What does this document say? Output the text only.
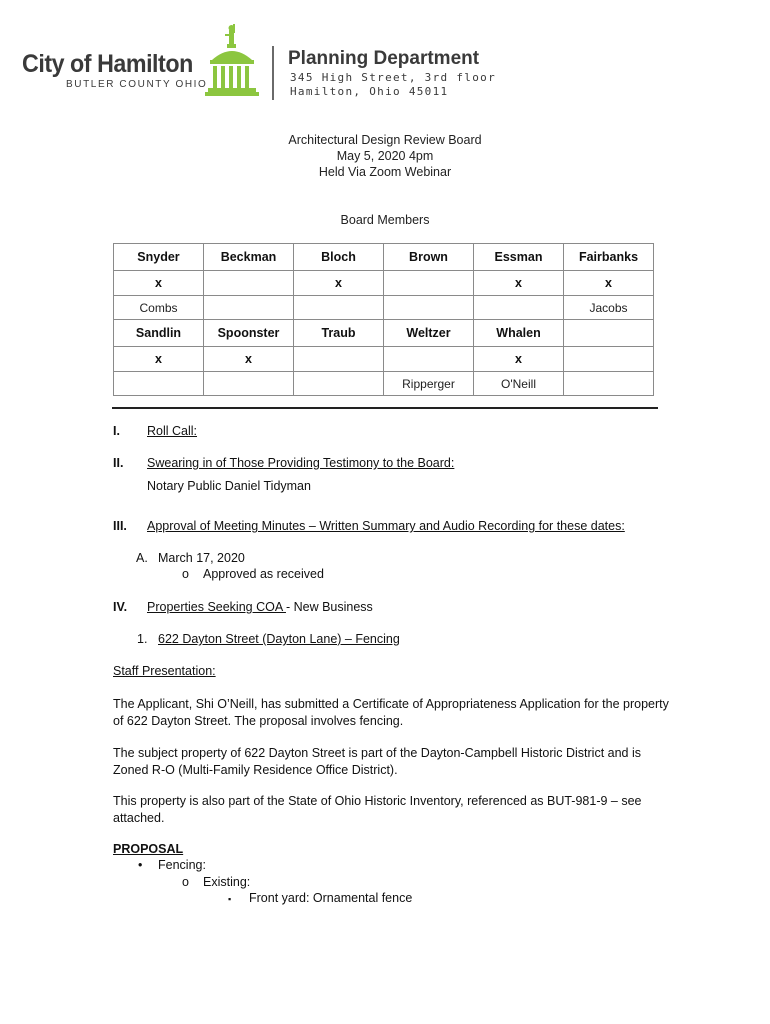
City of Hamilton
BUTLER COUNTY OHIO
Planning Department
345 High Street, 3rd floor
Hamilton, Ohio 45011
Architectural Design Review Board
May 5, 2020 4pm
Held Via Zoom Webinar
Board Members
Snyder	Beckman	Bloch	Brown	Essman	Fairbanks
x		x		x	x
Combs					Jacobs
Sandlin	Spoonster	Traub	Weltzer	Whalen	
x	x			x	
			Ripperger	O'Neill	
I. Roll Call:
II. Swearing in of Those Providing Testimony to the Board:
Notary Public Daniel Tidyman
III. Approval of Meeting Minutes – Written Summary and Audio Recording for these dates:
A. March 17, 2020
o Approved as received
IV. Properties Seeking COA - New Business
1. 622 Dayton Street (Dayton Lane) – Fencing
Staff Presentation:
The Applicant, Shi O’Neill, has submitted a Certificate of Appropriateness Application for the property of 622 Dayton Street. The proposal involves fencing.
The subject property of 622 Dayton Street is part of the Dayton-Campbell Historic District and is Zoned R-O (Multi-Family Residence Office District).
This property is also part of the State of Ohio Historic Inventory, referenced as BUT-981-9 – see attached.
PROPOSAL
• Fencing:
o Existing:
▪ Front yard: Ornamental fence
